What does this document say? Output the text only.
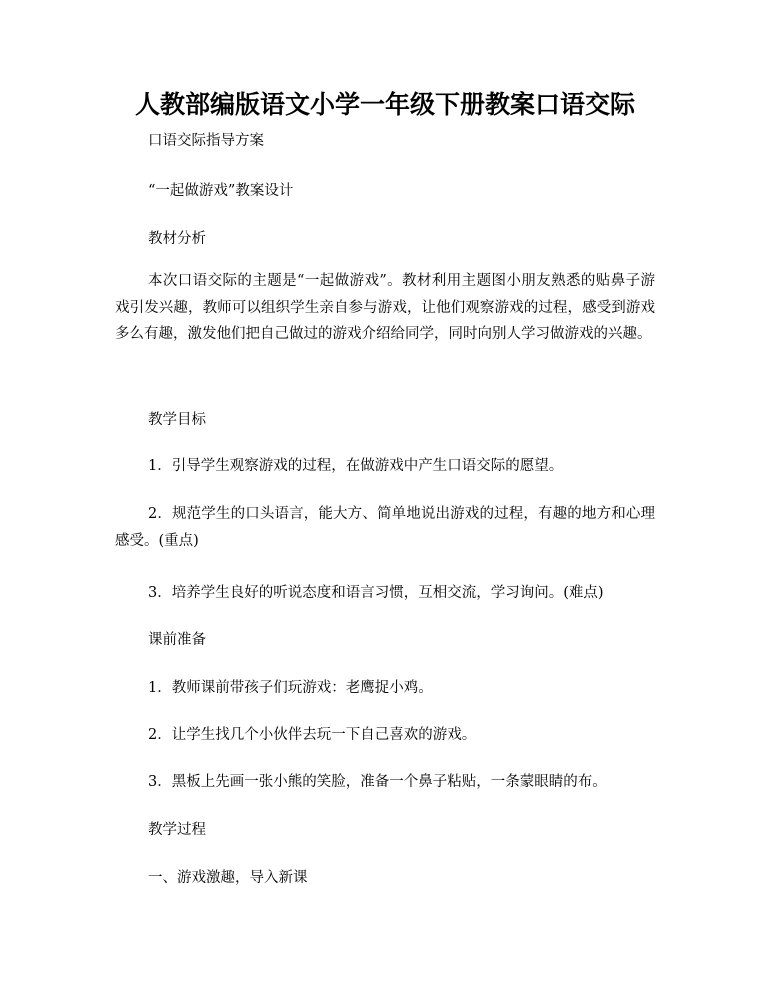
人教部编版语文小学一年级下册教案口语交际

口语交际指导方案

“一起做游戏”教案设计

教材分析

本次口语交际的主题是“一起做游戏”。教材利用主题图小朋友熟悉的贴鼻子游戏引发兴趣，教师可以组织学生亲自参与游戏，让他们观察游戏的过程，感受到游戏多么有趣，激发他们把自己做过的游戏介绍给同学，同时向别人学习做游戏的兴趣。

教学目标

1．引导学生观察游戏的过程，在做游戏中产生口语交际的愿望。

2．规范学生的口头语言，能大方、简单地说出游戏的过程，有趣的地方和心理感受。(重点)

3．培养学生良好的听说态度和语言习惯，互相交流，学习询问。(难点)

课前准备

1．教师课前带孩子们玩游戏：老鹰捉小鸡。

2．让学生找几个小伙伴去玩一下自己喜欢的游戏。

3．黑板上先画一张小熊的笑脸，准备一个鼻子粘贴，一条蒙眼睛的布。

教学过程

一、游戏激趣，导入新课
